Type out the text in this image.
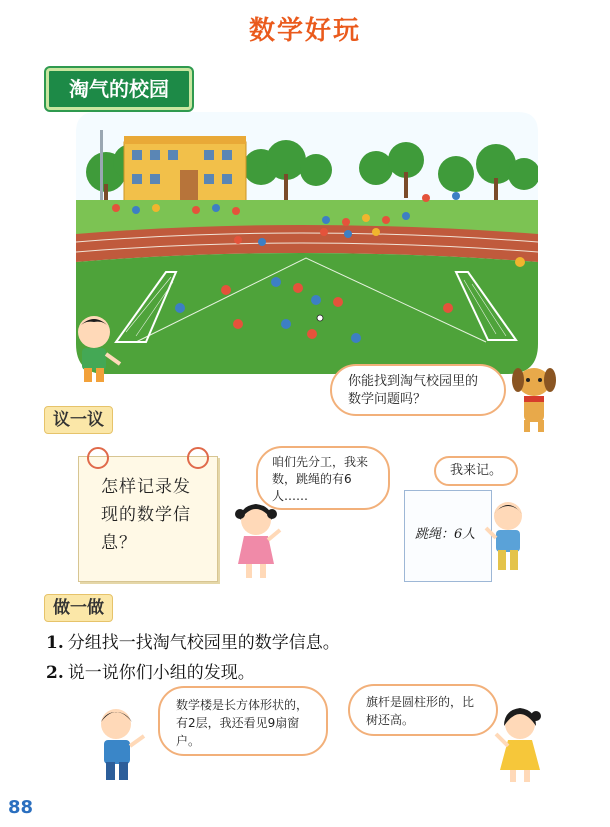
数学好玩
淘气的校园
你能找到淘气校园里的数学问题吗？
议一议
怎样记录发现的数学信息？
咱们先分工，我来数，跳绳的有6人……
我来记。
跳绳：6人
做一做
1. 分组找一找淘气校园里的数学信息。
2. 说一说你们小组的发现。
数学楼是长方体形状的，有2层，我还看见9扇窗户。
旗杆是圆柱形的，比树还高。
88
